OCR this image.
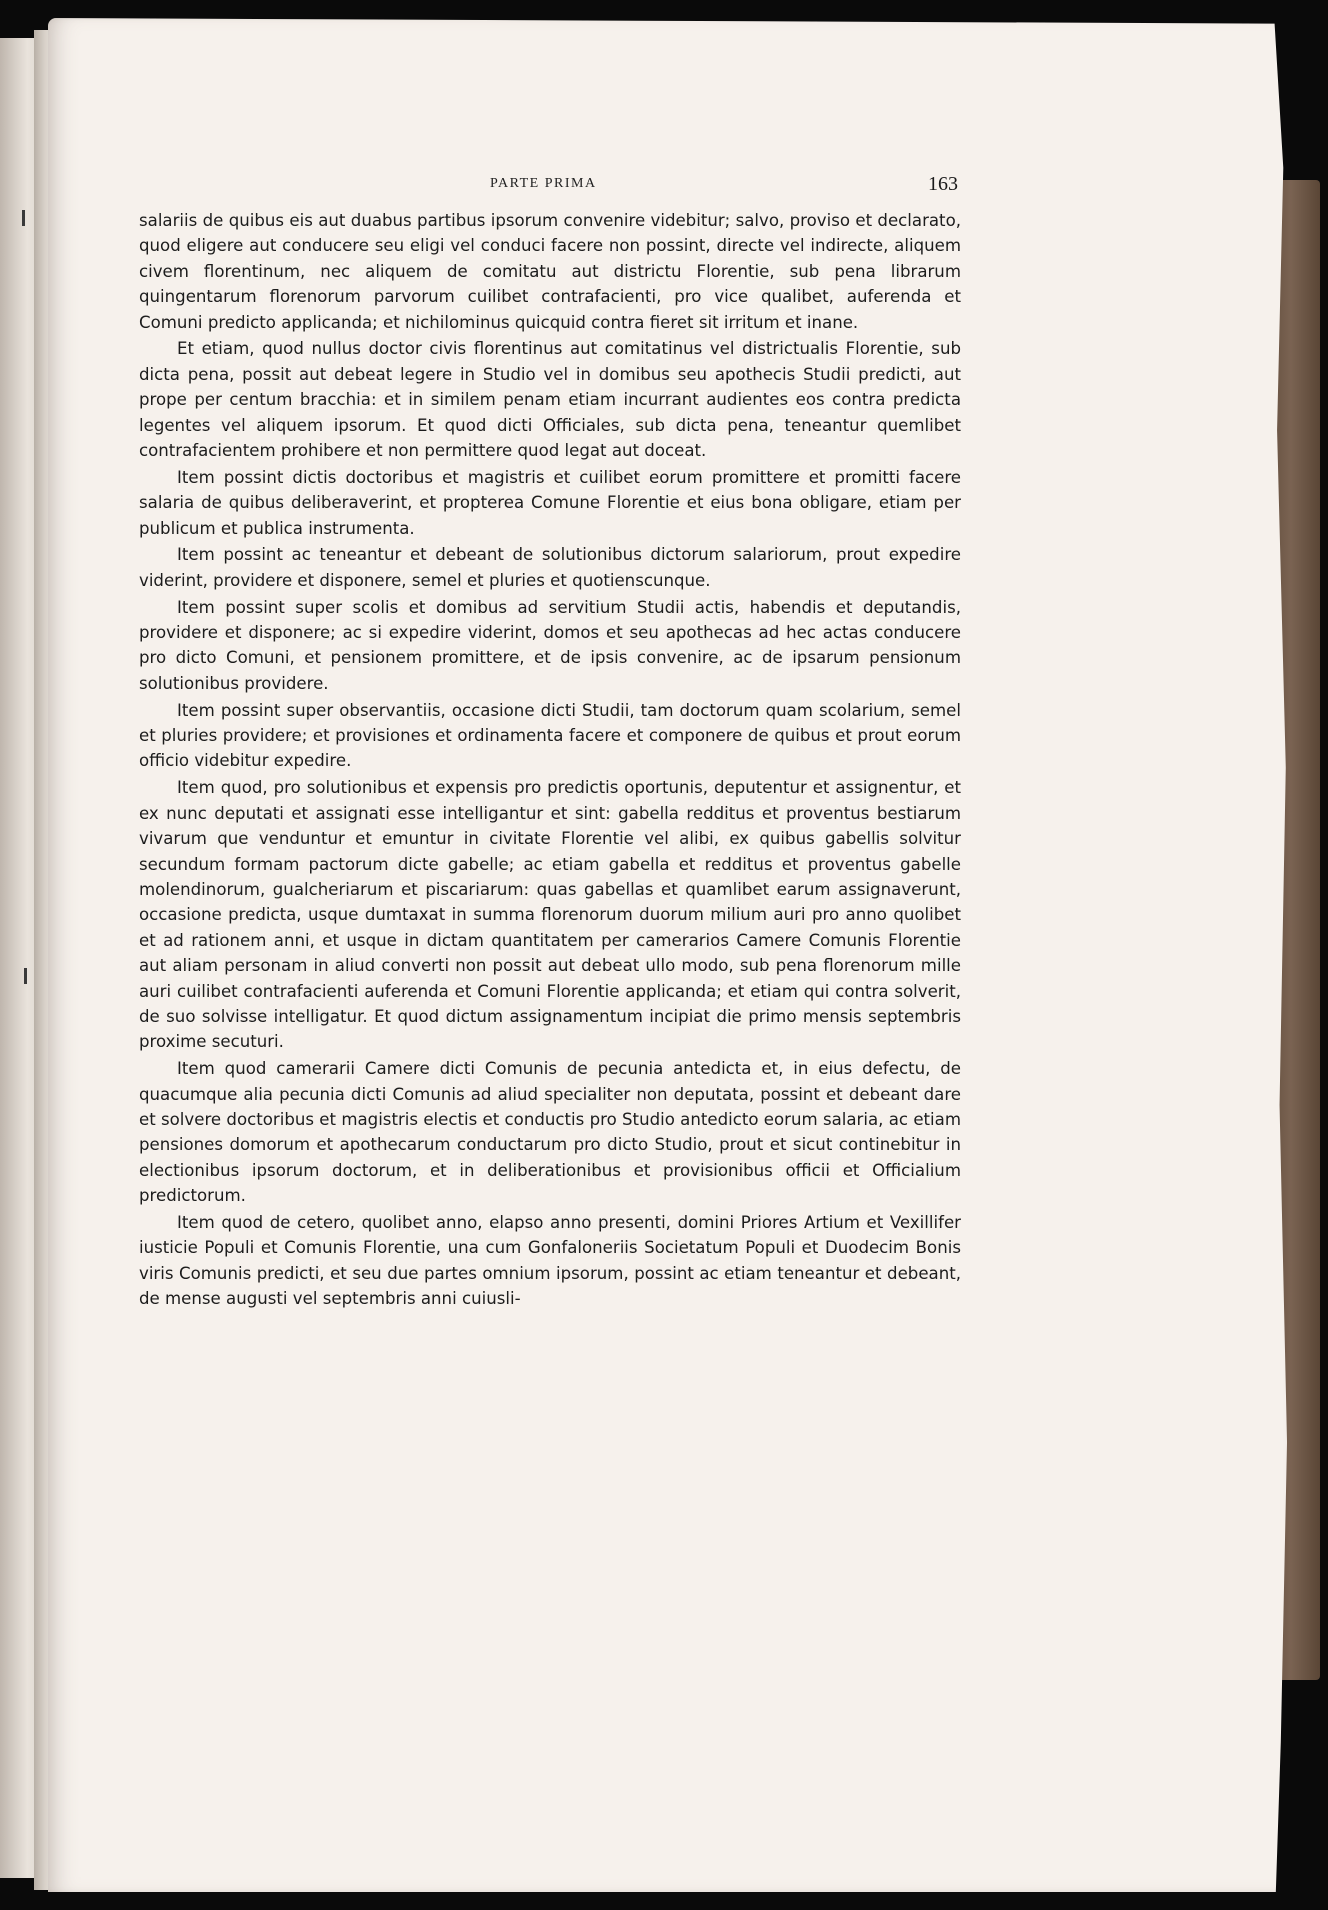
PARTE PRIMA	163

salariis de quibus eis aut duabus partibus ipsorum convenire videbitur; salvo, proviso et declarato, quod eligere aut conducere seu eligi vel conduci facere non possint, directe vel indirecte, aliquem civem florentinum, nec aliquem de comitatu aut districtu Florentie, sub pena librarum quingentarum florenorum parvorum cuilibet contrafacienti, pro vice qualibet, auferenda et Comuni predicto applicanda; et nichilominus quicquid contra fieret sit irritum et inane.

Et etiam, quod nullus doctor civis florentinus aut comitatinus vel districtualis Florentie, sub dicta pena, possit aut debeat legere in Studio vel in domibus seu apothecis Studii predicti, aut prope per centum bracchia: et in similem penam etiam incurrant audientes eos contra predicta legentes vel aliquem ipsorum. Et quod dicti Officiales, sub dicta pena, teneantur quemlibet contrafacientem prohibere et non permittere quod legat aut doceat.

Item possint dictis doctoribus et magistris et cuilibet eorum promittere et promitti facere salaria de quibus deliberaverint, et propterea Comune Florentie et eius bona obligare, etiam per publicum et publica instrumenta.

Item possint ac teneantur et debeant de solutionibus dictorum salariorum, prout expedire viderint, providere et disponere, semel et pluries et quotienscunque.

Item possint super scolis et domibus ad servitium Studii actis, habendis et deputandis, providere et disponere; ac si expedire viderint, domos et seu apothecas ad hec actas conducere pro dicto Comuni, et pensionem promittere, et de ipsis convenire, ac de ipsarum pensionum solutionibus providere.

Item possint super observantiis, occasione dicti Studii, tam doctorum quam scolarium, semel et pluries providere; et provisiones et ordinamenta facere et componere de quibus et prout eorum officio videbitur expedire.

Item quod, pro solutionibus et expensis pro predictis oportunis, deputentur et assignentur, et ex nunc deputati et assignati esse intelligantur et sint: gabella redditus et proventus bestiarum vivarum que venduntur et emuntur in civitate Florentie vel alibi, ex quibus gabellis solvitur secundum formam pactorum dicte gabelle; ac etiam gabella et redditus et proventus gabelle molendinorum, gualcheriarum et piscariarum: quas gabellas et quamlibet earum assignaverunt, occasione predicta, usque dumtaxat in summa florenorum duorum milium auri pro anno quolibet et ad rationem anni, et usque in dictam quantitatem per camerarios Camere Comunis Florentie aut aliam personam in aliud converti non possit aut debeat ullo modo, sub pena florenorum mille auri cuilibet contrafacienti auferenda et Comuni Florentie applicanda; et etiam qui contra solverit, de suo solvisse intelligatur. Et quod dictum assignamentum incipiat die primo mensis septembris proxime secuturi.

Item quod camerarii Camere dicti Comunis de pecunia antedicta et, in eius defectu, de quacumque alia pecunia dicti Comunis ad aliud specialiter non deputata, possint et debeant dare et solvere doctoribus et magistris electis et conductis pro Studio antedicto eorum salaria, ac etiam pensiones domorum et apothecarum conductarum pro dicto Studio, prout et sicut continebitur in electionibus ipsorum doctorum, et in deliberationibus et provisionibus officii et Officialium predictorum.

Item quod de cetero, quolibet anno, elapso anno presenti, domini Priores Artium et Vexillifer iusticie Populi et Comunis Florentie, una cum Gonfaloneriis Societatum Populi et Duodecim Bonis viris Comunis predicti, et seu due partes omnium ipsorum, possint ac etiam teneantur et debeant, de mense augusti vel septembris anni cuiusli-
